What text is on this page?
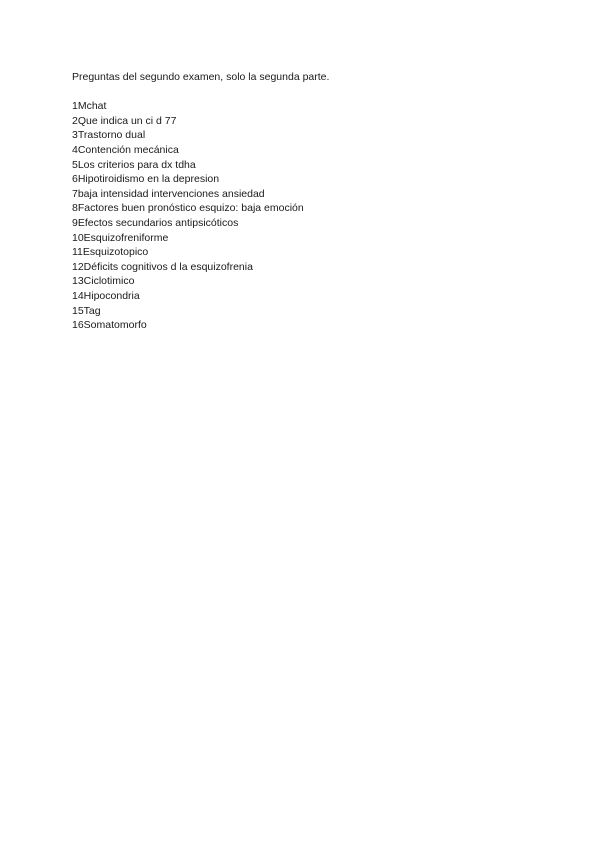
Preguntas del segundo examen, solo la segunda parte.

1Mchat
2Que indica un ci d 77
3Trastorno dual
4Contención mecánica
5Los criterios para dx tdha
6Hipotiroidismo en la depresion
7baja intensidad intervenciones ansiedad
8Factores buen pronóstico esquizo: baja emoción
9Efectos secundarios antipsicóticos
10Esquizofreniforme
11Esquizotopico
12Déficits cognitivos d la esquizofrenia
13Ciclotimico
14Hipocondria
15Tag
16Somatomorfo
